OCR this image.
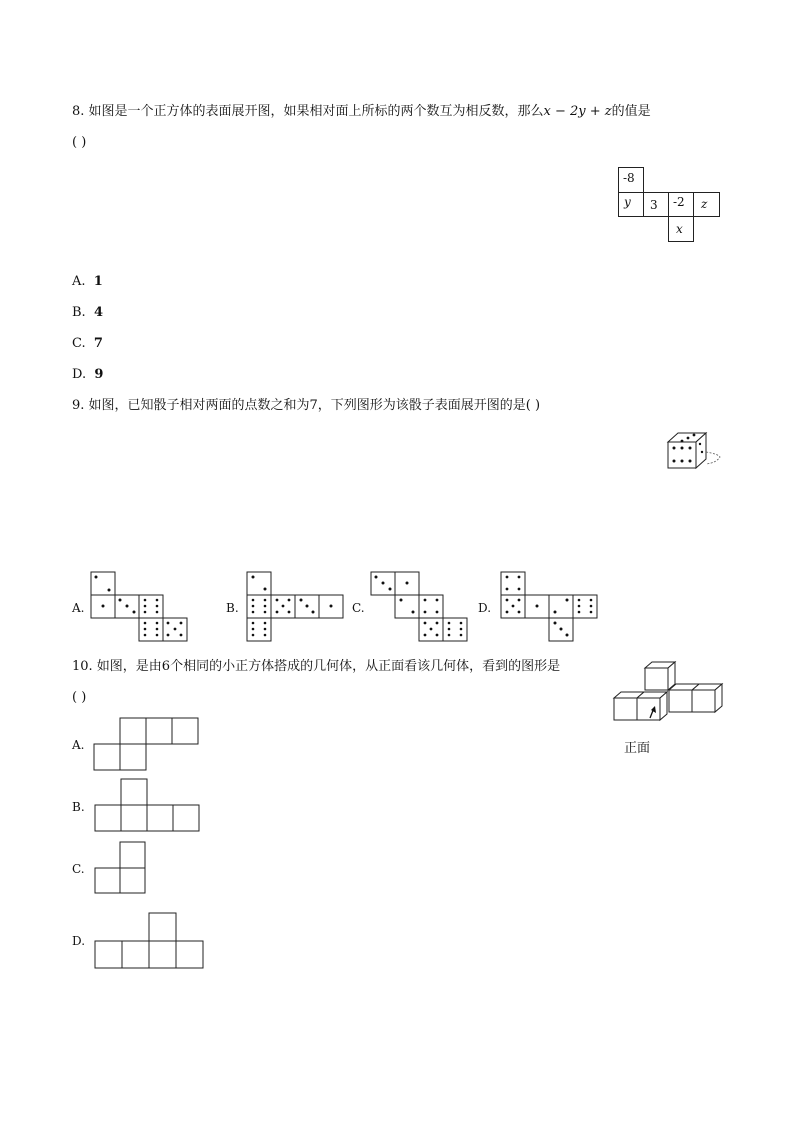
8. 如图是一个正方体的表面展开图，如果相对面上所标的两个数互为相反数，那么x − 2y + z的值是
( )
-8
y	3	-2	z
x
A. 1
B. 4
C. 7
D. 9
9. 如图，已知骰子相对两面的点数之和为7，下列图形为该骰子表面展开图的是( )
A.	B.	C.	D.
10. 如图，是由6个相同的小正方体搭成的几何体，从正面看该几何体，看到的图形是
( )
正面
A.
B.
C.
D.
